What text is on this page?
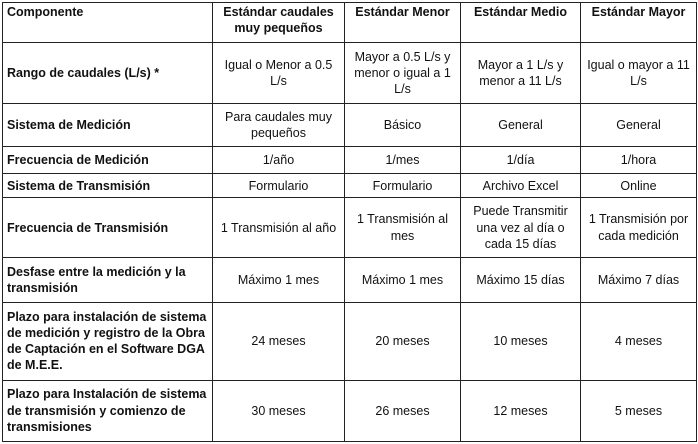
Componente	Estándar caudales muy pequeños	Estándar Menor	Estándar Medio	Estándar Mayor
Rango de caudales (L/s) *	Igual o Menor a 0.5 L/s	Mayor a 0.5 L/s y menor o igual a 1 L/s	Mayor a 1 L/s y menor a 11 L/s	Igual o mayor a 11 L/s
Sistema de Medición	Para caudales muy pequeños	Básico	General	General
Frecuencia de Medición	1/año	1/mes	1/día	1/hora
Sistema de Transmisión	Formulario	Formulario	Archivo Excel	Online
Frecuencia de Transmisión	1 Transmisión al año	1 Transmisión al mes	Puede Transmitir una vez al día o cada 15 días	1 Transmisión por cada medición
Desfase entre la medición y la transmisión	Máximo 1 mes	Máximo 1 mes	Máximo 15 días	Máximo 7 días
Plazo para instalación de sistema de medición y registro de la Obra de Captación en el Software DGA de M.E.E.	24 meses	20 meses	10 meses	4 meses
Plazo para Instalación de sistema de transmisión y comienzo de transmisiones	30 meses	26 meses	12 meses	5 meses
